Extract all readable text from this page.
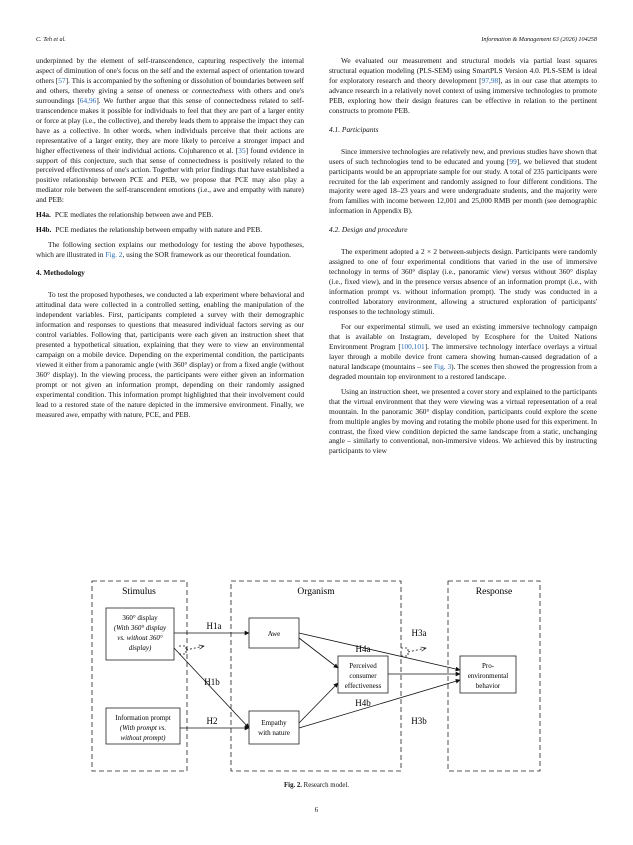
C. Teh et al.	Information & Management 63 (2026) 104258

underpinned by the element of self-transcendence, capturing respectively the internal aspect of diminution of one's focus on the self and the external aspect of orientation toward others [57]. This is accompanied by the softening or dissolution of boundaries between self and others, thereby giving a sense of oneness or connectedness with others and one's surroundings [64,96]. We further argue that this sense of connectedness related to self-transcendence makes it possible for individuals to feel that they are part of a larger entity or force at play (i.e., the collective), and thereby leads them to appraise the impact they can have as a collective. In other words, when individuals perceive that their actions are representative of a larger entity, they are more likely to perceive a stronger impact and higher effectiveness of their individual actions. Cojuharenco et al. [35] found evidence in support of this conjecture, such that sense of connectedness is positively related to the perceived effectiveness of one's action. Together with prior findings that have established a positive relationship between PCE and PEB, we propose that PCE may also play a mediator role between the self-transcendent emotions (i.e., awe and empathy with nature) and PEB:

H4a. PCE mediates the relationship between awe and PEB.

H4b. PCE mediates the relationship between empathy with nature and PEB.

The following section explains our methodology for testing the above hypotheses, which are illustrated in Fig. 2, using the SOR framework as our theoretical foundation.

4. Methodology

To test the proposed hypotheses, we conducted a lab experiment where behavioral and attitudinal data were collected in a controlled setting, enabling the manipulation of the independent variables. First, participants completed a survey with their demographic information and responses to questions that measured individual factors serving as our control variables. Following that, participants were each given an instruction sheet that presented a hypothetical situation, explaining that they were to view an environmental campaign on a mobile device. Depending on the experimental condition, the participants viewed it either from a panoramic angle (with 360° display) or from a fixed angle (without 360° display). In the viewing process, the participants were either given an information prompt or not given an information prompt, depending on their randomly assigned experimental condition. This information prompt highlighted that their involvement could lead to a restored state of the nature depicted in the immersive environment. Finally, we measured awe, empathy with nature, PCE, and PEB.

We evaluated our measurement and structural models via partial least squares structural equation modeling (PLS-SEM) using SmartPLS Version 4.0. PLS-SEM is ideal for exploratory research and theory development [97,98], as in our case that attempts to advance research in a relatively novel context of using immersive technologies to promote PEB, exploring how their design features can be effective in relation to the pertinent constructs to promote PEB.

4.1. Participants

Since immersive technologies are relatively new, and previous studies have shown that users of such technologies tend to be educated and young [99], we believed that student participants would be an appropriate sample for our study. A total of 235 participants were recruited for the lab experiment and randomly assigned to four different conditions. The majority were aged 18–23 years and were undergraduate students, and the majority were from families with income between 12,001 and 25,000 RMB per month (see demographic information in Appendix B).

4.2. Design and procedure

The experiment adopted a 2 × 2 between-subjects design. Participants were randomly assigned to one of four experimental conditions that varied in the use of immersive technology in terms of 360° display (i.e., panoramic view) versus without 360° display (i.e., fixed view), and in the presence versus absence of an information prompt (i.e., with information prompt vs. without information prompt). The study was conducted in a controlled laboratory environment, allowing a structured exploration of participants' responses to the technology stimuli.

For our experimental stimuli, we used an existing immersive technology campaign that is available on Instagram, developed by Ecosphere for the United Nations Environment Program [100,101]. The immersive technology interface overlays a virtual layer through a mobile device front camera showing human-caused degradation of a natural landscape (mountains – see Fig. 3). The scenes then showed the progression from a degraded mountain top environment to a restored landscape.

Using an instruction sheet, we presented a cover story and explained to the participants that the virtual environment that they were viewing was a virtual representation of a real mountain. In the panoramic 360° display condition, participants could explore the scene from multiple angles by moving and rotating the mobile phone used for this experiment. In contrast, the fixed view condition depicted the same landscape from a static, unchanging angle – similarly to conventional, non-immersive videos. We achieved this by instructing participants to view

Stimulus	Organism	Response
360° display
(With 360° display
vs. without 360°
display)
Information prompt
(With prompt vs.
without prompt)
Awe
Empathy
with nature
Perceived
consumer
effectiveness
Pro-
environmental
behavior
H1a
H1b
H2
H3a
H3b
H4a
H4b
Fig. 2. Research model.
6
